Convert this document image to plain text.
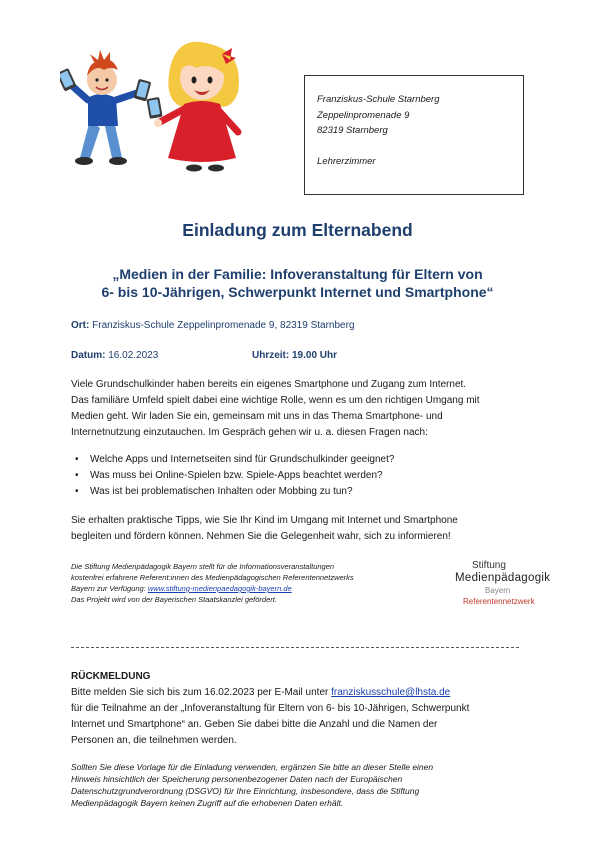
Franziskus-Schule Starnberg
Zeppelinpromenade 9
82319 Starnberg
Lehrerzimmer
Einladung zum Elternabend
„Medien in der Familie: Infoveranstaltung für Eltern von
6- bis 10-Jährigen, Schwerpunkt Internet und Smartphone“
Ort: Franziskus-Schule Zeppelinpromenade 9, 82319 Starnberg
Datum: 16.02.2023	Uhrzeit: 19.00 Uhr
Viele Grundschulkinder haben bereits ein eigenes Smartphone und Zugang zum Internet.
Das familiäre Umfeld spielt dabei eine wichtige Rolle, wenn es um den richtigen Umgang mit
Medien geht. Wir laden Sie ein, gemeinsam mit uns in das Thema Smartphone- und
Internetnutzung einzutauchen. Im Gespräch gehen wir u. a. diesen Fragen nach:
• Welche Apps und Internetseiten sind für Grundschulkinder geeignet?
• Was muss bei Online-Spielen bzw. Spiele-Apps beachtet werden?
• Was ist bei problematischen Inhalten oder Mobbing zu tun?
Sie erhalten praktische Tipps, wie Sie Ihr Kind im Umgang mit Internet und Smartphone
begleiten und fördern können. Nehmen Sie die Gelegenheit wahr, sich zu informieren!
Die Stiftung Medienpädagogik Bayern stellt für die Informationsveranstaltungen
kostenfrei erfahrene Referent:innen des Medienpädagogischen Referentennetzwerks
Bayern zur Verfügung: www.stiftung-medienpaedagogik-bayern.de
Das Projekt wird von der Bayerischen Staatskanzlei gefördert.
Stiftung
Medienpädagogik
Bayern
Referentennetzwerk
RÜCKMELDUNG
Bitte melden Sie sich bis zum 16.02.2023 per E-Mail unter franziskusschule@lhsta.de
für die Teilnahme an der „Infoveranstaltung für Eltern von 6- bis 10-Jährigen, Schwerpunkt
Internet und Smartphone“ an. Geben Sie dabei bitte die Anzahl und die Namen der
Personen an, die teilnehmen werden.
Sollten Sie diese Vorlage für die Einladung verwenden, ergänzen Sie bitte an dieser Stelle einen
Hinweis hinsichtlich der Speicherung personenbezogener Daten nach der Europäischen
Datenschutzgrundverordnung (DSGVO) für Ihre Einrichtung, insbesondere, dass die Stiftung
Medienpädagogik Bayern keinen Zugriff auf die erhobenen Daten erhält.
